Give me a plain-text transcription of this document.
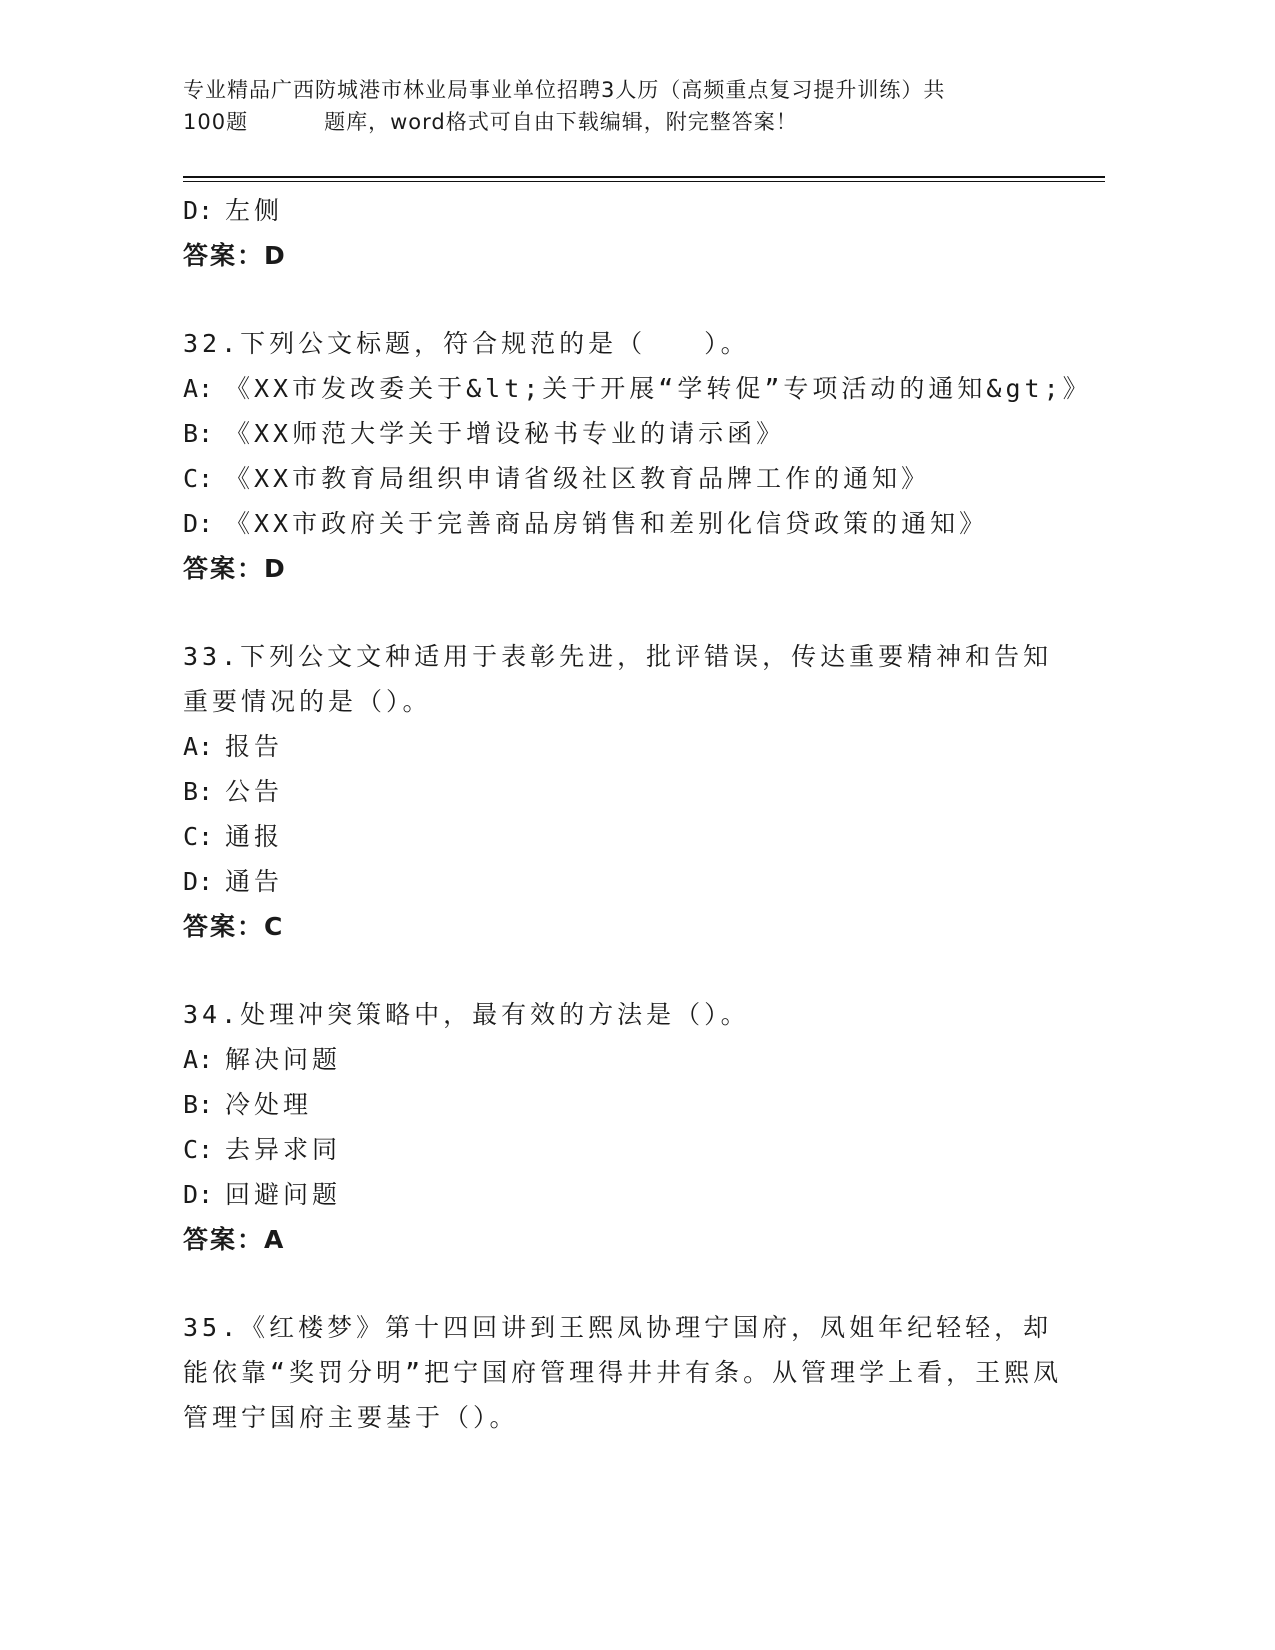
专业精品广西防城港市林业局事业单位招聘3人历（高频重点复习提升训练）共
100题	题库，word格式可自由下载编辑，附完整答案！
D: 左侧
答案：D
32.下列公文标题，符合规范的是（　　）。
A: 《XX市发改委关于&lt;关于开展“学转促”专项活动的通知&gt;》
B: 《XX师范大学关于增设秘书专业的请示函》
C: 《XX市教育局组织申请省级社区教育品牌工作的通知》
D: 《XX市政府关于完善商品房销售和差别化信贷政策的通知》
答案：D
33.下列公文文种适用于表彰先进，批评错误，传达重要精神和告知重要情况的是（）。
A: 报告
B: 公告
C: 通报
D: 通告
答案：C
34.处理冲突策略中，最有效的方法是（）。
A: 解决问题
B: 冷处理
C: 去异求同
D: 回避问题
答案：A
35.《红楼梦》第十四回讲到王熙凤协理宁国府，凤姐年纪轻轻，却能依靠“奖罚分明”把宁国府管理得井井有条。从管理学上看，王熙凤管理宁国府主要基于（）。
